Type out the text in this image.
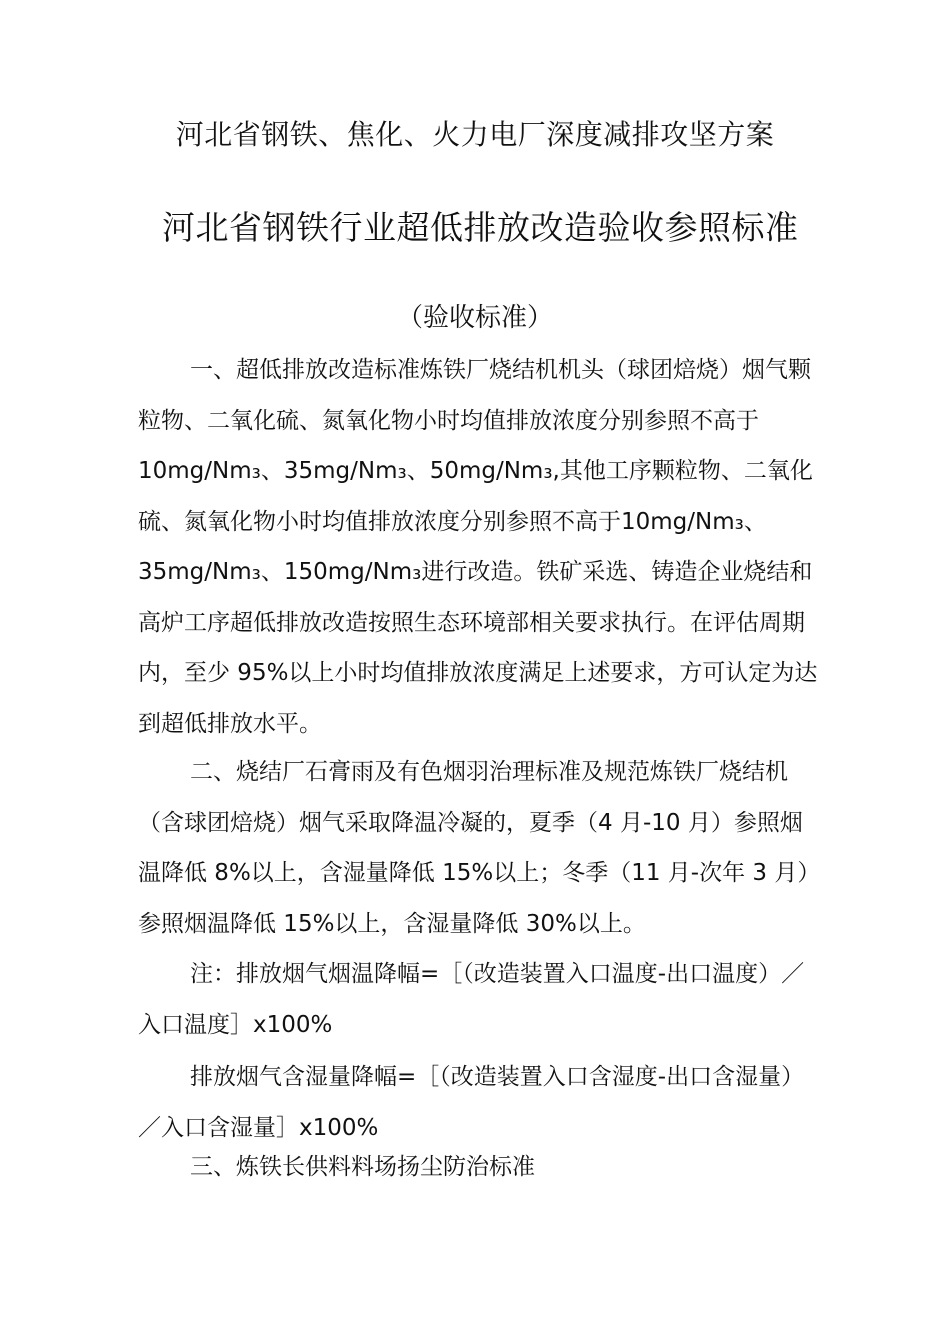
河北省钢铁、焦化、火力电厂深度减排攻坚方案
河北省钢铁行业超低排放改造验收参照标准
（验收标准）

一、超低排放改造标准炼铁厂烧结机机头（球团焙烧）烟气颗粒物、二氧化硫、氮氧化物小时均值排放浓度分别参照不高于 10mg/Nm₃、35mg/Nm₃、50mg/Nm₃,其他工序颗粒物、二氧化硫、氮氧化物小时均值排放浓度分别参照不高于10mg/Nm₃、35mg/Nm₃、150mg/Nm₃进行改造。铁矿采选、铸造企业烧结和高炉工序超低排放改造按照生态环境部相关要求执行。在评估周期内，至少 95%以上小时均值排放浓度满足上述要求，方可认定为达到超低排放水平。

二、烧结厂石膏雨及有色烟羽治理标准及规范炼铁厂烧结机（含球团焙烧）烟气采取降温冷凝的，夏季（4 月-10 月）参照烟温降低 8%以上，含湿量降低 15%以上；冬季（11 月-次年 3 月）参照烟温降低 15%以上，含湿量降低 30%以上。

注：排放烟气烟温降幅=［（改造装置入口温度-出口温度）／入口温度］x100%

排放烟气含湿量降幅=［（改造装置入口含湿度-出口含湿量）／入口含湿量］x100%

三、炼铁长供料料场扬尘防治标准
